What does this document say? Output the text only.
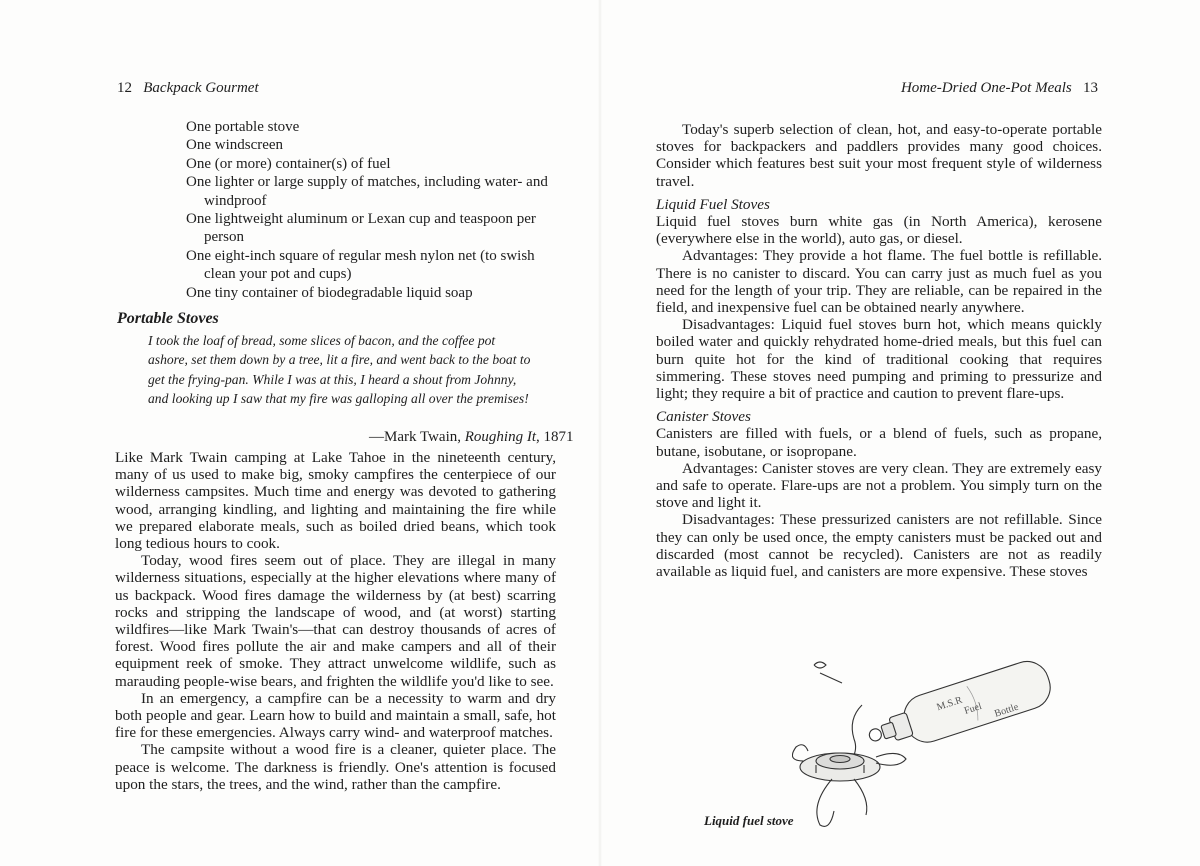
12 Backpack Gourmet
One portable stove
One windscreen
One (or more) container(s) of fuel
One lighter or large supply of matches, including water- and windproof
One lightweight aluminum or Lexan cup and teaspoon per person
One eight-inch square of regular mesh nylon net (to swish clean your pot and cups)
One tiny container of biodegradable liquid soap
Portable Stoves

I took the loaf of bread, some slices of bacon, and the coffee pot ashore, set them down by a tree, lit a fire, and went back to the boat to get the frying-pan. While I was at this, I heard a shout from Johnny, and looking up I saw that my fire was galloping all over the premises!

—Mark Twain, Roughing It, 1871

Like Mark Twain camping at Lake Tahoe in the nineteenth century, many of us used to make big, smoky campfires the centerpiece of our wilderness campsites. Much time and energy was devoted to gathering wood, arranging kindling, and lighting and maintaining the fire while we prepared elaborate meals, such as boiled dried beans, which took long tedious hours to cook.

Today, wood fires seem out of place. They are illegal in many wilderness situations, especially at the higher elevations where many of us backpack. Wood fires damage the wilderness by (at best) scarring rocks and stripping the landscape of wood, and (at worst) starting wildfires—like Mark Twain's—that can destroy thousands of acres of forest. Wood fires pollute the air and make campers and all of their equipment reek of smoke. They attract unwelcome wildlife, such as marauding people-wise bears, and frighten the wildlife you'd like to see.

In an emergency, a campfire can be a necessity to warm and dry both people and gear. Learn how to build and maintain a small, safe, hot fire for these emergencies. Always carry wind- and waterproof matches.

The campsite without a wood fire is a cleaner, quieter place. The peace is welcome. The darkness is friendly. One's attention is focused upon the stars, the trees, and the wind, rather than the campfire.

Home-Dried One-Pot Meals 13

Today's superb selection of clean, hot, and easy-to-operate portable stoves for backpackers and paddlers provides many good choices. Consider which features best suit your most frequent style of wilderness travel.

Liquid Fuel Stoves

Liquid fuel stoves burn white gas (in North America), kerosene (everywhere else in the world), auto gas, or diesel.

Advantages: They provide a hot flame. The fuel bottle is refillable. There is no canister to discard. You can carry just as much fuel as you need for the length of your trip. They are reliable, can be repaired in the field, and inexpensive fuel can be obtained nearly anywhere.

Disadvantages: Liquid fuel stoves burn hot, which means quickly boiled water and quickly rehydrated home-dried meals, but this fuel can burn quite hot for the kind of traditional cooking that requires simmering. These stoves need pumping and priming to pressurize and light; they require a bit of practice and caution to prevent flare-ups.

Canister Stoves

Canisters are filled with fuels, or a blend of fuels, such as propane, butane, isobutane, or isopropane.

Advantages: Canister stoves are very clean. They are extremely easy and safe to operate. Flare-ups are not a problem. You simply turn on the stove and light it.

Disadvantages: These pressurized canisters are not refillable. Since they can only be used once, the empty canisters must be packed out and discarded (most cannot be recycled). Canisters are not as readily available as liquid fuel, and canisters are more expensive. These stoves

M.S.R Fuel Bottle
Liquid fuel stove
